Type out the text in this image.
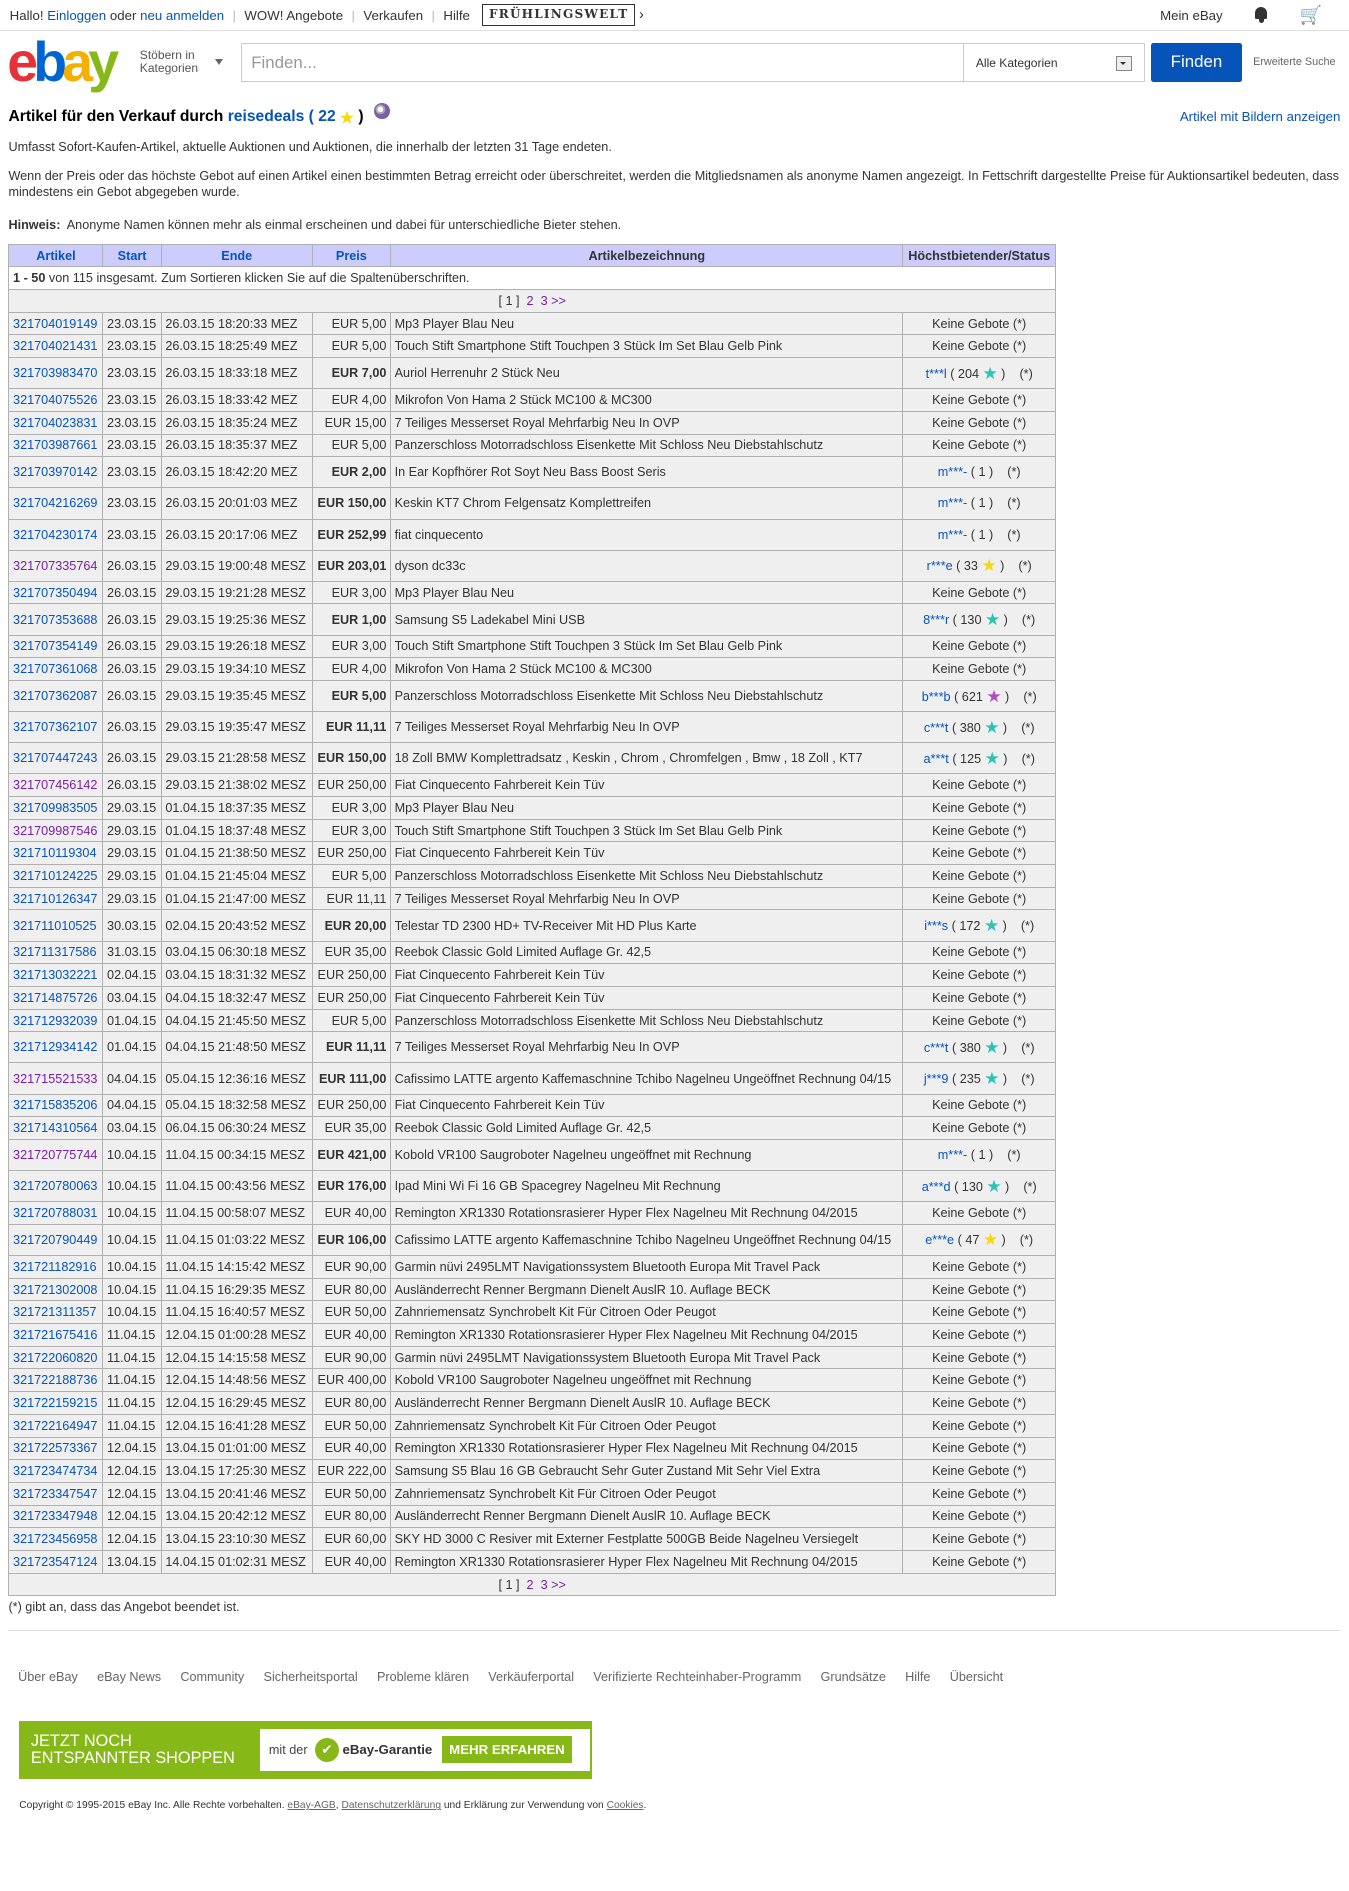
Hallo!
Einloggen
oder
neu anmelden | WOW! Angebote | Verkaufen | Hilfe	FRÜHLINGSWELT ›	Mein eBay	🛒
ebay	Stöbern in Kategorien	Finden...	Alle Kategorien	Finden	Erweiterte Suche
Artikel für den Verkauf durch reisedeals ( 22 ★ )	Artikel mit Bildern anzeigen

Umfasst Sofort-Kaufen-Artikel, aktuelle Auktionen und Auktionen, die innerhalb der letzten 31 Tage endeten.

Wenn der Preis oder das höchste Gebot auf einen Artikel einen bestimmten Betrag erreicht oder überschreitet, werden die Mitgliedsnamen als anonyme Namen angezeigt. In Fettschrift dargestellte Preise für Auktionsartikel bedeuten, dass mindestens ein Gebot abgegeben wurde.

Hinweis: Anonyme Namen können mehr als einmal erscheinen und dabei für unterschiedliche Bieter stehen.

1 - 50 von 115 insgesamt. Zum Sortieren klicken Sie auf die Spaltenüberschriften.					
[ 1 ] 2 3 >>					
Artikel	Start	Ende	Preis	Artikelbezeichnung	Höchstbietender/Status
321704019149	23.03.15	26.03.15 18:20:33 MEZ	EUR 5,00	Mp3 Player Blau Neu	Keine Gebote (*)
321704021431	23.03.15	26.03.15 18:25:49 MEZ	EUR 5,00	Touch Stift Smartphone Stift Touchpen 3 Stück Im Set Blau Gelb Pink	Keine Gebote (*)
321703983470	23.03.15	26.03.15 18:33:18 MEZ	EUR 7,00	Auriol Herrenuhr 2 Stück Neu	t***l ( 204 ★ )    (*)
321704075526	23.03.15	26.03.15 18:33:42 MEZ	EUR 4,00	Mikrofon Von Hama 2 Stück MC100 & MC300	Keine Gebote (*)
321704023831	23.03.15	26.03.15 18:35:24 MEZ	EUR 15,00	7 Teiliges Messerset Royal Mehrfarbig Neu In OVP	Keine Gebote (*)
321703987661	23.03.15	26.03.15 18:35:37 MEZ	EUR 5,00	Panzerschloss Motorradschloss Eisenkette Mit Schloss Neu Diebstahlschutz	Keine Gebote (*)
321703970142	23.03.15	26.03.15 18:42:20 MEZ	EUR 2,00	In Ear Kopfhörer Rot Soyt Neu Bass Boost Seris	m***- ( 1 )    (*)
321704216269	23.03.15	26.03.15 20:01:03 MEZ	EUR 150,00	Keskin KT7 Chrom Felgensatz Komplettreifen	m***- ( 1 )    (*)
321704230174	23.03.15	26.03.15 20:17:06 MEZ	EUR 252,99	fiat cinquecento	m***- ( 1 )    (*)
321707335764	26.03.15	29.03.15 19:00:48 MESZ	EUR 203,01	dyson dc33c	r***e ( 33 ★ )    (*)
321707350494	26.03.15	29.03.15 19:21:28 MESZ	EUR 3,00	Mp3 Player Blau Neu	Keine Gebote (*)
321707353688	26.03.15	29.03.15 19:25:36 MESZ	EUR 1,00	Samsung S5 Ladekabel Mini USB	8***r ( 130 ★ )    (*)
321707354149	26.03.15	29.03.15 19:26:18 MESZ	EUR 3,00	Touch Stift Smartphone Stift Touchpen 3 Stück Im Set Blau Gelb Pink	Keine Gebote (*)
321707361068	26.03.15	29.03.15 19:34:10 MESZ	EUR 4,00	Mikrofon Von Hama 2 Stück MC100 & MC300	Keine Gebote (*)
321707362087	26.03.15	29.03.15 19:35:45 MESZ	EUR 5,00	Panzerschloss Motorradschloss Eisenkette Mit Schloss Neu Diebstahlschutz	b***b ( 621 ★ )    (*)
321707362107	26.03.15	29.03.15 19:35:47 MESZ	EUR 11,11	7 Teiliges Messerset Royal Mehrfarbig Neu In OVP	c***t ( 380 ★ )    (*)
321707447243	26.03.15	29.03.15 21:28:58 MESZ	EUR 150,00	18 Zoll BMW Komplettradsatz , Keskin , Chrom , Chromfelgen , Bmw , 18 Zoll , KT7	a***t ( 125 ★ )    (*)
321707456142	26.03.15	29.03.15 21:38:02 MESZ	EUR 250,00	Fiat Cinquecento Fahrbereit Kein Tüv	Keine Gebote (*)
321709983505	29.03.15	01.04.15 18:37:35 MESZ	EUR 3,00	Mp3 Player Blau Neu	Keine Gebote (*)
321709987546	29.03.15	01.04.15 18:37:48 MESZ	EUR 3,00	Touch Stift Smartphone Stift Touchpen 3 Stück Im Set Blau Gelb Pink	Keine Gebote (*)
321710119304	29.03.15	01.04.15 21:38:50 MESZ	EUR 250,00	Fiat Cinquecento Fahrbereit Kein Tüv	Keine Gebote (*)
321710124225	29.03.15	01.04.15 21:45:04 MESZ	EUR 5,00	Panzerschloss Motorradschloss Eisenkette Mit Schloss Neu Diebstahlschutz	Keine Gebote (*)
321710126347	29.03.15	01.04.15 21:47:00 MESZ	EUR 11,11	7 Teiliges Messerset Royal Mehrfarbig Neu In OVP	Keine Gebote (*)
321711010525	30.03.15	02.04.15 20:43:52 MESZ	EUR 20,00	Telestar TD 2300 HD+ TV-Receiver Mit HD Plus Karte	i***s ( 172 ★ )    (*)
321711317586	31.03.15	03.04.15 06:30:18 MESZ	EUR 35,00	Reebok Classic Gold Limited Auflage Gr. 42,5	Keine Gebote (*)
321713032221	02.04.15	03.04.15 18:31:32 MESZ	EUR 250,00	Fiat Cinquecento Fahrbereit Kein Tüv	Keine Gebote (*)
321714875726	03.04.15	04.04.15 18:32:47 MESZ	EUR 250,00	Fiat Cinquecento Fahrbereit Kein Tüv	Keine Gebote (*)
321712932039	01.04.15	04.04.15 21:45:50 MESZ	EUR 5,00	Panzerschloss Motorradschloss Eisenkette Mit Schloss Neu Diebstahlschutz	Keine Gebote (*)
321712934142	01.04.15	04.04.15 21:48:50 MESZ	EUR 11,11	7 Teiliges Messerset Royal Mehrfarbig Neu In OVP	c***t ( 380 ★ )    (*)
321715521533	04.04.15	05.04.15 12:36:16 MESZ	EUR 111,00	Cafissimo LATTE argento Kaffemaschnine Tchibo Nagelneu Ungeöffnet Rechnung 04/15	j***9 ( 235 ★ )    (*)
321715835206	04.04.15	05.04.15 18:32:58 MESZ	EUR 250,00	Fiat Cinquecento Fahrbereit Kein Tüv	Keine Gebote (*)
321714310564	03.04.15	06.04.15 06:30:24 MESZ	EUR 35,00	Reebok Classic Gold Limited Auflage Gr. 42,5	Keine Gebote (*)
321720775744	10.04.15	11.04.15 00:34:15 MESZ	EUR 421,00	Kobold VR100 Saugroboter Nagelneu ungeöffnet mit Rechnung	m***- ( 1 )    (*)
321720780063	10.04.15	11.04.15 00:43:56 MESZ	EUR 176,00	Ipad Mini Wi Fi 16 GB Spacegrey Nagelneu Mit Rechnung	a***d ( 130 ★ )    (*)
321720788031	10.04.15	11.04.15 00:58:07 MESZ	EUR 40,00	Remington XR1330 Rotationsrasierer Hyper Flex Nagelneu Mit Rechnung 04/2015	Keine Gebote (*)
321720790449	10.04.15	11.04.15 01:03:22 MESZ	EUR 106,00	Cafissimo LATTE argento Kaffemaschnine Tchibo Nagelneu Ungeöffnet Rechnung 04/15	e***e ( 47 ★ )    (*)
321721182916	10.04.15	11.04.15 14:15:42 MESZ	EUR 90,00	Garmin nüvi 2495LMT Navigationssystem Bluetooth Europa Mit Travel Pack	Keine Gebote (*)
321721302008	10.04.15	11.04.15 16:29:35 MESZ	EUR 80,00	Ausländerrecht Renner Bergmann Dienelt AuslR 10. Auflage BECK	Keine Gebote (*)
321721311357	10.04.15	11.04.15 16:40:57 MESZ	EUR 50,00	Zahnriemensatz Synchrobelt Kit Für Citroen Oder Peugot	Keine Gebote (*)
321721675416	11.04.15	12.04.15 01:00:28 MESZ	EUR 40,00	Remington XR1330 Rotationsrasierer Hyper Flex Nagelneu Mit Rechnung 04/2015	Keine Gebote (*)
321722060820	11.04.15	12.04.15 14:15:58 MESZ	EUR 90,00	Garmin nüvi 2495LMT Navigationssystem Bluetooth Europa Mit Travel Pack	Keine Gebote (*)
321722188736	11.04.15	12.04.15 14:48:56 MESZ	EUR 400,00	Kobold VR100 Saugroboter Nagelneu ungeöffnet mit Rechnung	Keine Gebote (*)
321722159215	11.04.15	12.04.15 16:29:45 MESZ	EUR 80,00	Ausländerrecht Renner Bergmann Dienelt AuslR 10. Auflage BECK	Keine Gebote (*)
321722164947	11.04.15	12.04.15 16:41:28 MESZ	EUR 50,00	Zahnriemensatz Synchrobelt Kit Für Citroen Oder Peugot	Keine Gebote (*)
321722573367	12.04.15	13.04.15 01:01:00 MESZ	EUR 40,00	Remington XR1330 Rotationsrasierer Hyper Flex Nagelneu Mit Rechnung 04/2015	Keine Gebote (*)
321723474734	12.04.15	13.04.15 17:25:30 MESZ	EUR 222,00	Samsung S5 Blau 16 GB Gebraucht Sehr Guter Zustand Mit Sehr Viel Extra	Keine Gebote (*)
321723347547	12.04.15	13.04.15 20:41:46 MESZ	EUR 50,00	Zahnriemensatz Synchrobelt Kit Für Citroen Oder Peugot	Keine Gebote (*)
321723347948	12.04.15	13.04.15 20:42:12 MESZ	EUR 80,00	Ausländerrecht Renner Bergmann Dienelt AuslR 10. Auflage BECK	Keine Gebote (*)
321723456958	12.04.15	13.04.15 23:10:30 MESZ	EUR 60,00	SKY HD 3000 C Resiver mit Externer Festplatte 500GB Beide Nagelneu Versiegelt	Keine Gebote (*)
321723547124	13.04.15	14.04.15 01:02:31 MESZ	EUR 40,00	Remington XR1330 Rotationsrasierer Hyper Flex Nagelneu Mit Rechnung 04/2015	Keine Gebote (*)
[ 1 ] 2 3 >>					
(*) gibt an, dass das Angebot beendet ist.
Über eBay eBay News Community Sicherheitsportal Probleme klären Verkäuferportal Verifizierte Rechteinhaber-Programm Grundsätze Hilfe Übersicht
JETZT NOCH
ENTSPANNTER SHOPPEN	mit der	✔ eBay-Garantie	MEHR ERFAHREN
Copyright © 1995-2015 eBay Inc. Alle Rechte vorbehalten. eBay-AGB, Datenschutzerklärung und Erklärung zur Verwendung von Cookies.
